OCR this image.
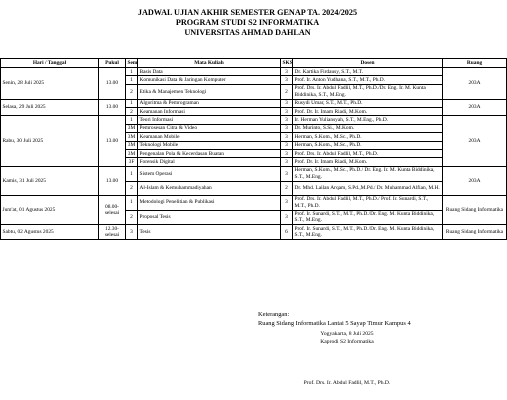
JADWAL UJIAN AKHIR SEMESTER GENAP TA. 2024/2025
PROGRAM STUDI S2 INFORMATIKA
UNIVERSITAS AHMAD DAHLAN
	Hari / Tanggal	Pukul	Sem	Mata Kuliah	SKS	Dosen	Ruang
	Senin, 28 Juli 2025	13.00	1	Basis Data	3	Dr. Kartika Firdausy, S.T., M.T.	203A
			1	Komunikasi Data & Jaringan Komputer	3	Prof. Ir. Anton Yudhana, S.T., M.T., Ph.D.	
			2	Etika & Manajemen Teknologi	2	Prof. Drs. Ir. Abdul Fadlil, M.T., Ph.D./Dr. Eng. Ir. M. Kunta Biddinika, S.T., M.Eng.	
	Selasa, 29 Juli 2025	13.00	1	Algoritma & Pemrograman	3	Rusydi Umar, S.T., M.T., Ph.D.	203A
			2	Keamanan Informasi	3	Prof. Dr. Ir. Imam Riadi, M.Kom.	
	Rabu, 30 Juli 2025	13.00	1	Teori Informasi	3	Ir. Herman Yuliansyah, S.T., M.Eng., Ph.D.	203A
			3M	Pemrosesan Citra & Video	3	Dr. Murinto, S.Si., M.Kom.	
			3M	Keamanan Mobile	3	Herman, S.Kom., M.Sc., Ph.D.	
			3M	Teknologi Mobile	3	Herman, S.Kom., M.Sc., Ph.D.	
			3M	Pengenalan Pola & Kecerdasan Buatan	3	Prof. Drs. Ir. Abdul Fadlil, M.T., Ph.D.	
			3F	Forensik Digital	3	Prof. Dr. Ir. Imam Riadi, M.Kom.	
	Kamis, 31 Juli 2025	13.00	1	Sistem Operasi	3	Herman, S.Kom., M.Sc., Ph.D./ Dr. Eng. Ir. M. Kunta Biddinika, S.T., M.Eng.	203A
			2	Al-Islam & Kemuhammadiyahan	2	Dr. Mhd. Lailan Arqam, S.Pd.,M.Pd./ Dr. Muhammad Alfian, M.H.	
	Jum'at, 01 Agustus 2025	08.00-selesai	1	Metodologi Penelitian & Publikasi	3	Prof. Drs. Ir. Abdul Fadlil, M.T., Ph.D./ Prof. Ir. Sunardi, S.T., M.T., Ph.D.	Ruang Sidang Informatika
			2	Proposal Tesis	3	Prof. Ir. Sunardi, S.T., M.T., Ph.D./Dr. Eng. M. Kunta Biddinika, S.T., M.Eng.	
	Sabtu, 02 Agustus 2025	12.30-selesai	3	Tesis	6	Prof. Ir. Sunardi, S.T., M.T., Ph.D./Dr. Eng. M. Kunta Biddinika, S.T., M.Eng.	Ruang Sidang Informatika
Keterangan:
Ruang Sidang Informatika Lantai 5 Sayap Timur Kampus 4
Yogyakarta, 8 Juli 2025
Kaprodi S2 Informatika
Prof. Drs. Ir. Abdul Fadlil, M.T., Ph.D.
